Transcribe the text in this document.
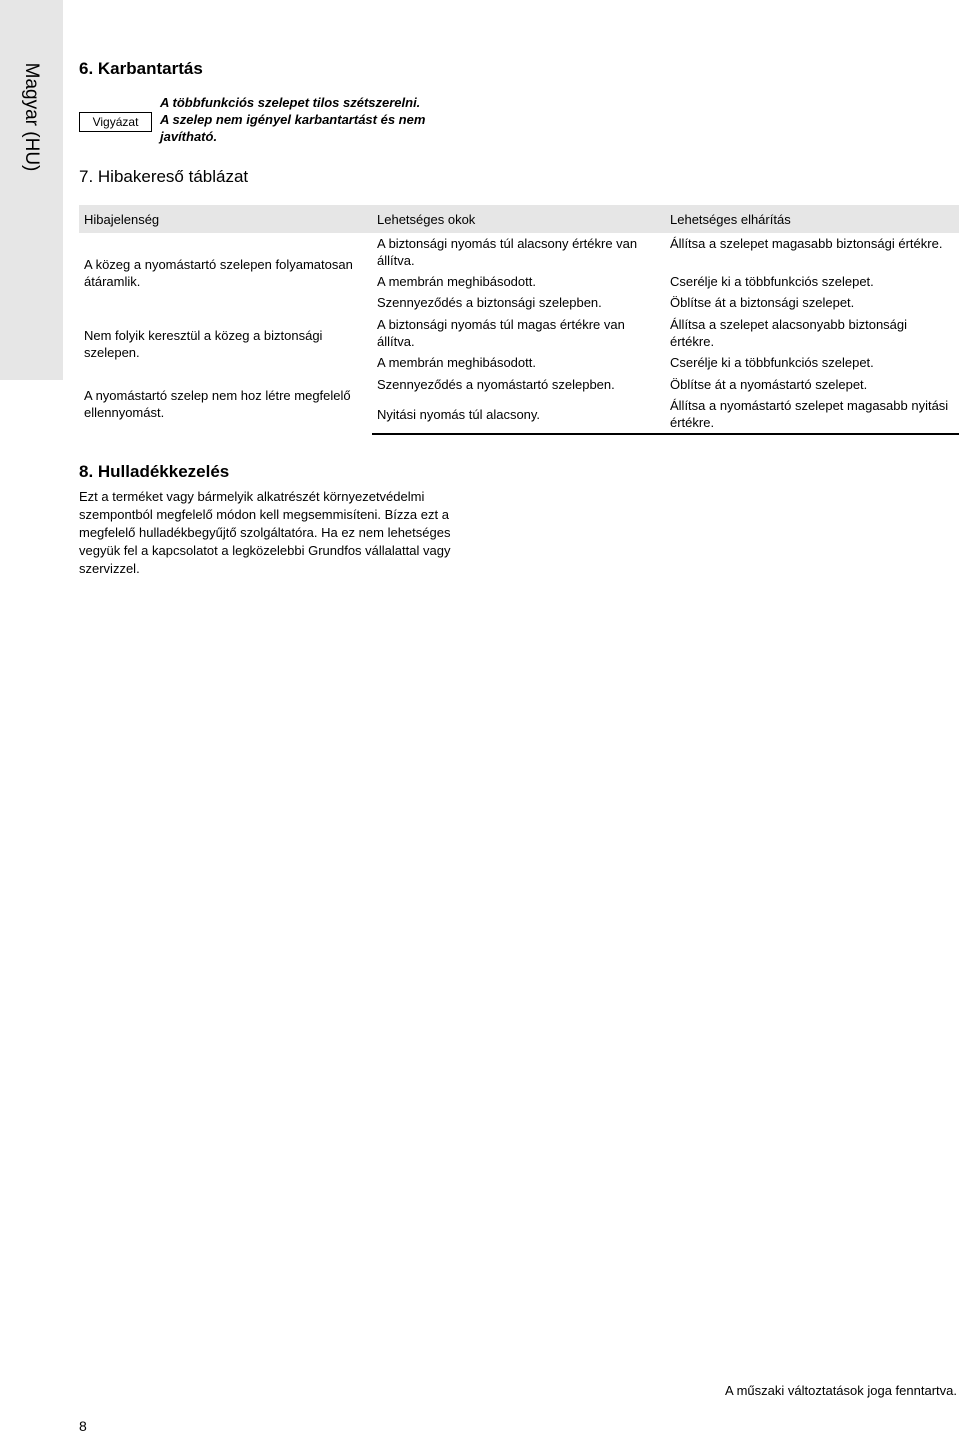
Magyar (HU) 6. Karbantartás
Vigyázat
A többfunkciós szelepet tilos szétszerelni.
A szelep nem igényel karbantartást és nem
javítható.
7. Hibakereső táblázat
Hibajelenség	Lehetséges okok	Lehetséges elhárítás
A közeg a nyomástartó szelepen folyamatosan átáramlik.	A biztonsági nyomás túl alacsony értékre van állítva.	Állítsa a szelepet magasabb biztonsági értékre.
	A membrán meghibásodott.	Cserélje ki a többfunkciós szelepet.
	Szennyeződés a biztonsági szelepben.	Öblítse át a biztonsági szelepet.
Nem folyik keresztül a közeg a biztonsági szelepen.	A biztonsági nyomás túl magas értékre van állítva.	Állítsa a szelepet alacsonyabb biztonsági értékre.
	A membrán meghibásodott.	Cserélje ki a többfunkciós szelepet.
A nyomástartó szelep nem hoz létre megfelelő ellennyomást.	Szennyeződés a nyomástartó szelepben.	Öblítse át a nyomástartó szelepet.
	Nyitási nyomás túl alacsony.	Állítsa a nyomástartó szelepet magasabb nyitási értékre.
8. Hulladékkezelés
Ezt a terméket vagy bármelyik alkatrészét környezetvédelmi
szempontból megfelelő módon kell megsemmisíteni. Bízza ezt a
megfelelő hulladékbegyűjtő szolgáltatóra. Ha ez nem lehetséges
vegyük fel a kapcsolatot a legközelebbi Grundfos vállalattal vagy
szervizzel.
A műszaki változtatások joga fenntartva.
8
